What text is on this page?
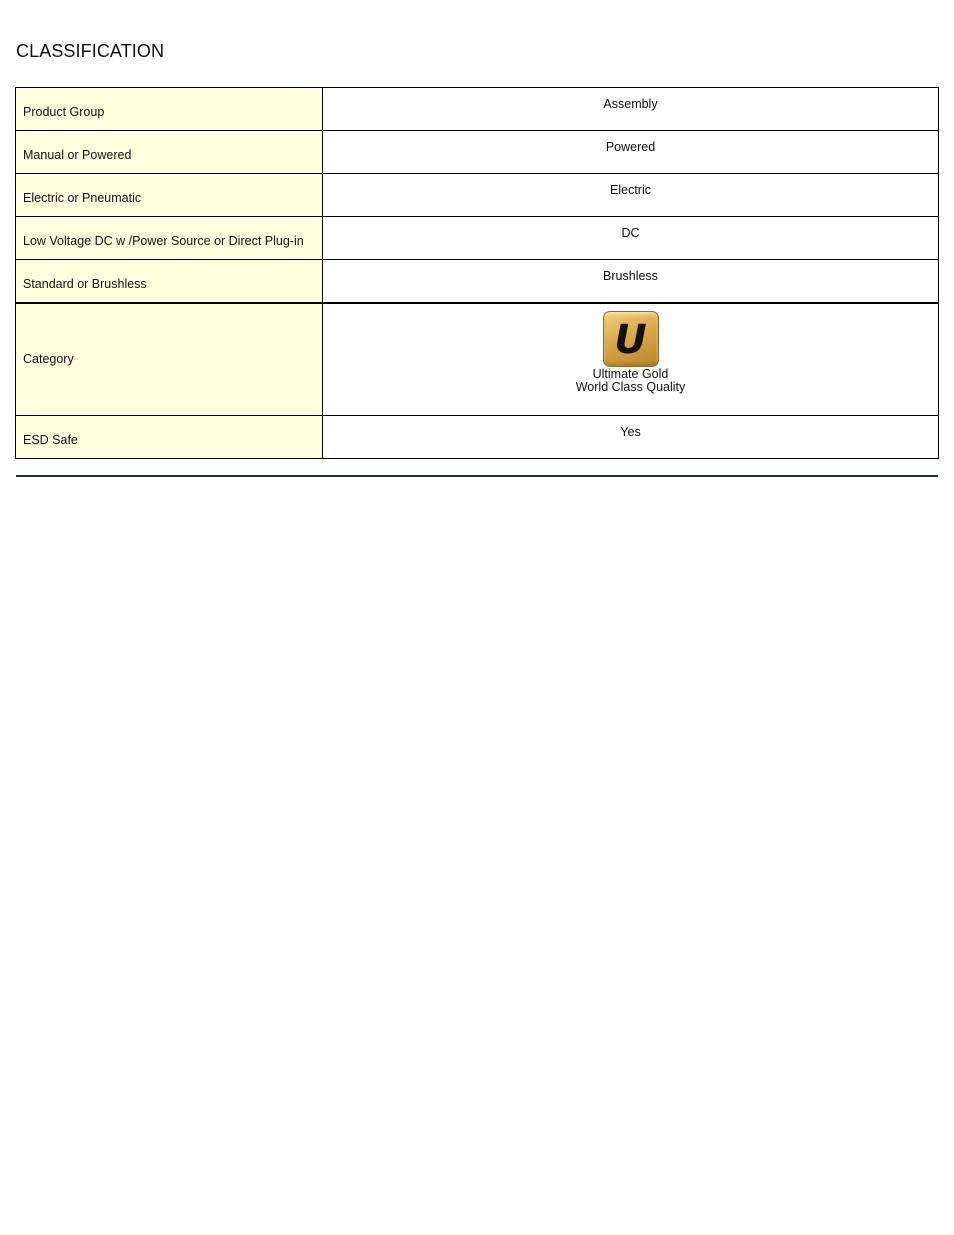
CLASSIFICATION
Product Group	Assembly
Manual or Powered	Powered
Electric or Pneumatic	Electric
Low Voltage DC w /Power Source or Direct Plug-in	DC
Standard or Brushless	Brushless
Category	U
Ultimate Gold
World Class Quality

ESD Safe	Yes
